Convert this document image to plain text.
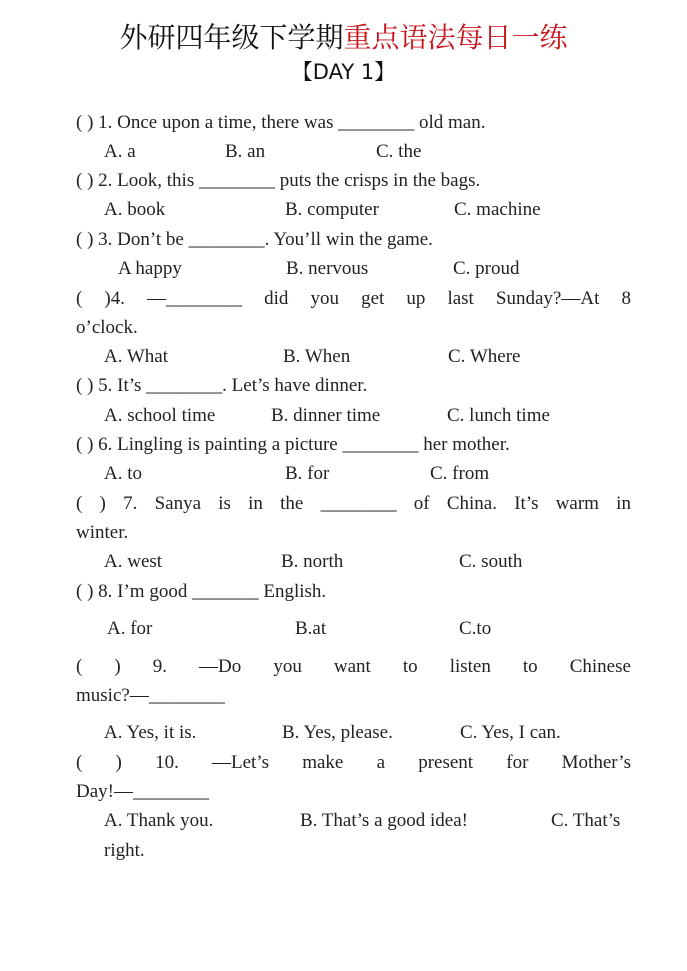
外研四年级下学期重点语法每日一练
【DAY 1】
( ) 1. Once upon a time, there was ________ old man.
A. a	B. an	C. the
( ) 2. Look, this ________ puts the crisps in the bags.
A. book	B. computer	C. machine
( ) 3. Don’t be ________. You’ll win the game.
A happy	B. nervous	C. proud
( )4. —________ did you get up last Sunday?—At 8
o’clock.
A. What	B. When	C. Where
( ) 5. It’s ________. Let’s have dinner.
A. school time	B. dinner time	C. lunch time
( ) 6. Lingling is painting a picture ________ her mother.
A. to	B. for	C. from
( ) 7. Sanya is in the ________ of China. It’s warm in
winter.
A. west	B. north	C. south
( ) 8. I’m good _______ English.
A. for	B.at	C.to
( ) 9. —Do you want to listen to Chinese
music?—________
A. Yes, it is.	B. Yes, please.	C. Yes, I can.
( ) 10. —Let’s make a present for Mother’s
Day!—________
A. Thank you.	B. That’s a good idea!	C. That’s
right.
